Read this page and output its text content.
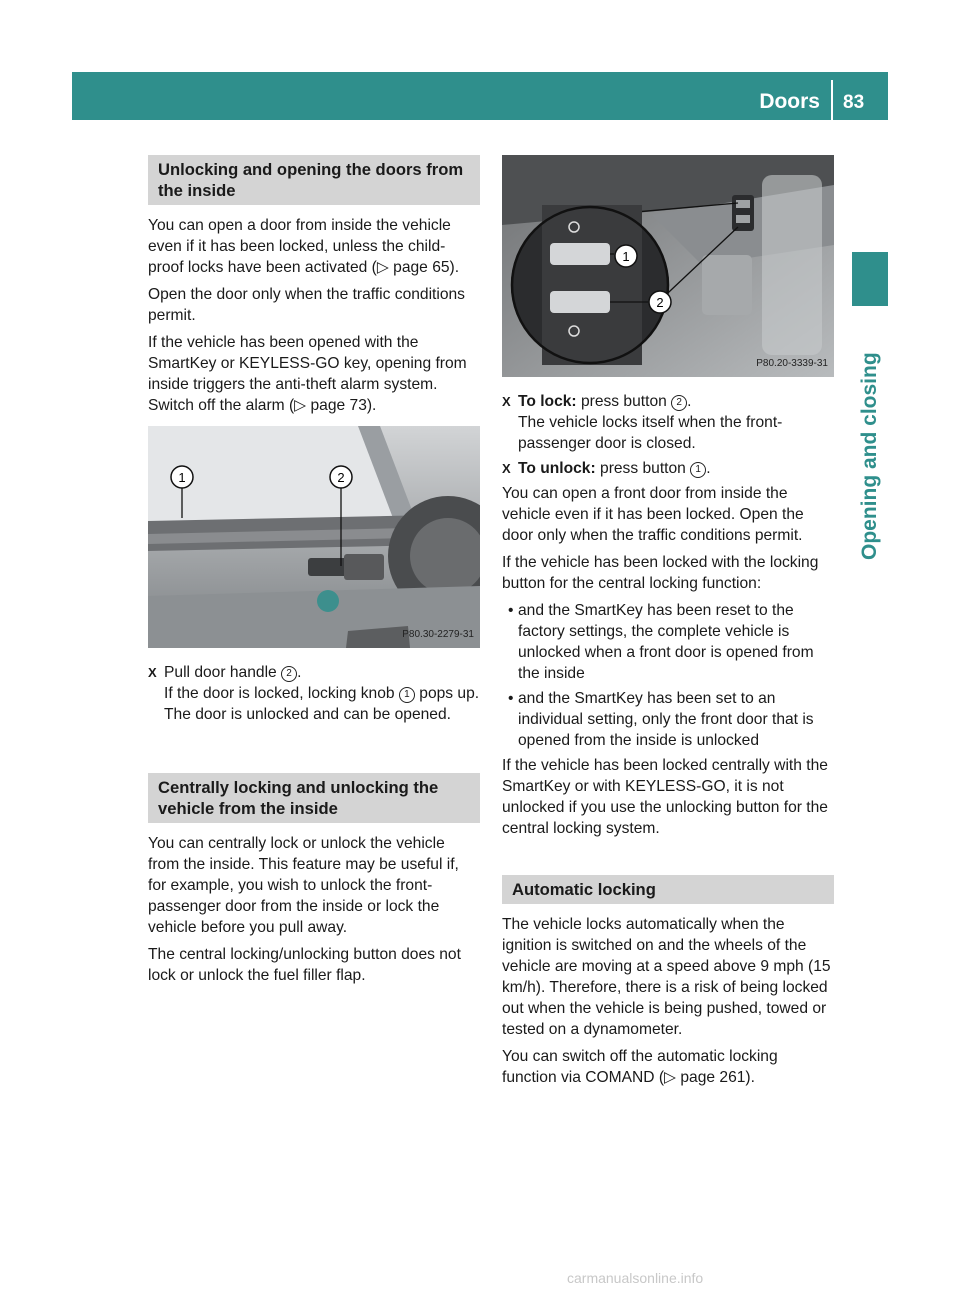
Doors 83
Opening and closing
Unlocking and opening the doors from the inside

You can open a door from inside the vehicle even if it has been locked, unless the child-proof locks have been activated (▷ page 65).

Open the door only when the traffic conditions permit.

If the vehicle has been opened with the SmartKey or KEYLESS-GO key, opening from inside triggers the anti-theft alarm system. Switch off the alarm (▷ page 73).

1	2
P80.30-2279-31
X Pull door handle 2 .
If the door is locked, locking knob 1 pops up. The door is unlocked and can be opened.
Centrally locking and unlocking the vehicle from the inside

You can centrally lock or unlock the vehicle from the inside. This feature may be useful if, for example, you wish to unlock the front-passenger door from the inside or lock the vehicle before you pull away.

The central locking/unlocking button does not lock or unlock the fuel filler flap.

1
2
P80.20-3339-31
X To lock: press button 2 .
The vehicle locks itself when the front-passenger door is closed.
X To unlock: press button 1 .

You can open a front door from inside the vehicle even if it has been locked. Open the door only when the traffic conditions permit.

If the vehicle has been locked with the locking button for the central locking function:

• and the SmartKey has been reset to the factory settings, the complete vehicle is unlocked when a front door is opened from the inside
• and the SmartKey has been set to an individual setting, only the front door that is opened from the inside is unlocked

If the vehicle has been locked centrally with the SmartKey or with KEYLESS-GO, it is not unlocked if you use the unlocking button for the central locking system.

Automatic locking

The vehicle locks automatically when the ignition is switched on and the wheels of the vehicle are moving at a speed above 9 mph (15 km/h). Therefore, there is a risk of being locked out when the vehicle is being pushed, towed or tested on a dynamometer.

You can switch off the automatic locking function via COMAND (▷ page 261).

carmanualsonline.info
